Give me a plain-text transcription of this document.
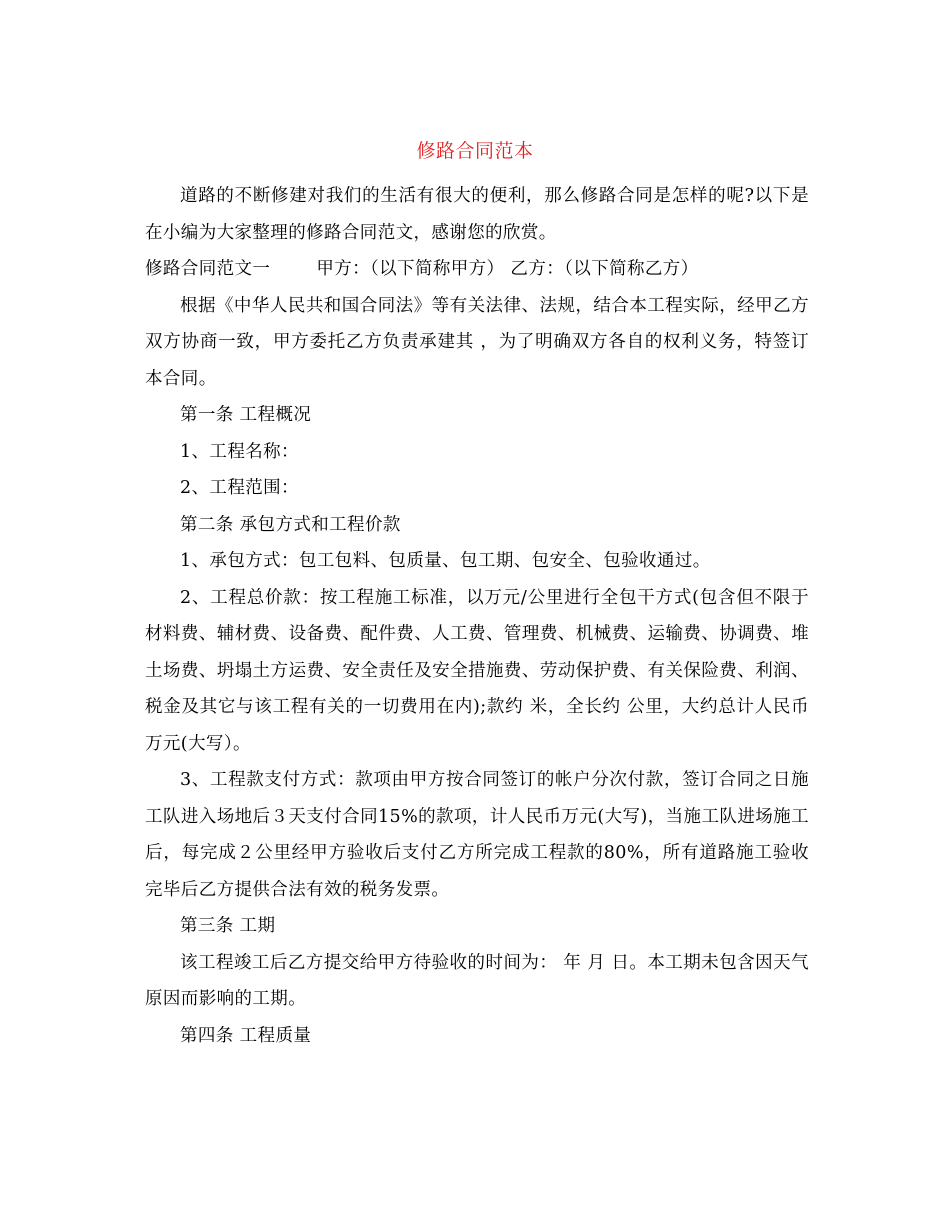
修路合同范本

道路的不断修建对我们的生活有很大的便利，那么修路合同是怎样的呢?以下是在小编为大家整理的修路合同范文，感谢您的欣赏。

修路合同范文一	甲方：（以下简称甲方） 乙方：（以下简称乙方）

根据《中华人民共和国合同法》等有关法律、法规，结合本工程实际，经甲乙方双方协商一致，甲方委托乙方负责承建其 ，为了明确双方各自的权利义务，特签订本合同。

第一条 工程概况

1、工程名称：

2、工程范围：

第二条 承包方式和工程价款

1、承包方式：包工包料、包质量、包工期、包安全、包验收通过。

2、工程总价款：按工程施工标准，以万元/公里进行全包干方式(包含但不限于材料费、辅材费、设备费、配件费、人工费、管理费、机械费、运输费、协调费、堆土场费、坍塌土方运费、安全责任及安全措施费、劳动保护费、有关保险费、利润、税金及其它与该工程有关的一切费用在内);款约 米，全长约 公里，大约总计人民币 万元(大写）。

3、工程款支付方式：款项由甲方按合同签订的帐户分次付款，签订合同之日施工队进入场地后３天支付合同15%的款项，计人民币万元(大写)，当施工队进场施工后，每完成２公里经甲方验收后支付乙方所完成工程款的80%，所有道路施工验收完毕后乙方提供合法有效的税务发票。

第三条 工期

该工程竣工后乙方提交给甲方待验收的时间为： 年 月 日。本工期未包含因天气原因而影响的工期。

第四条 工程质量
